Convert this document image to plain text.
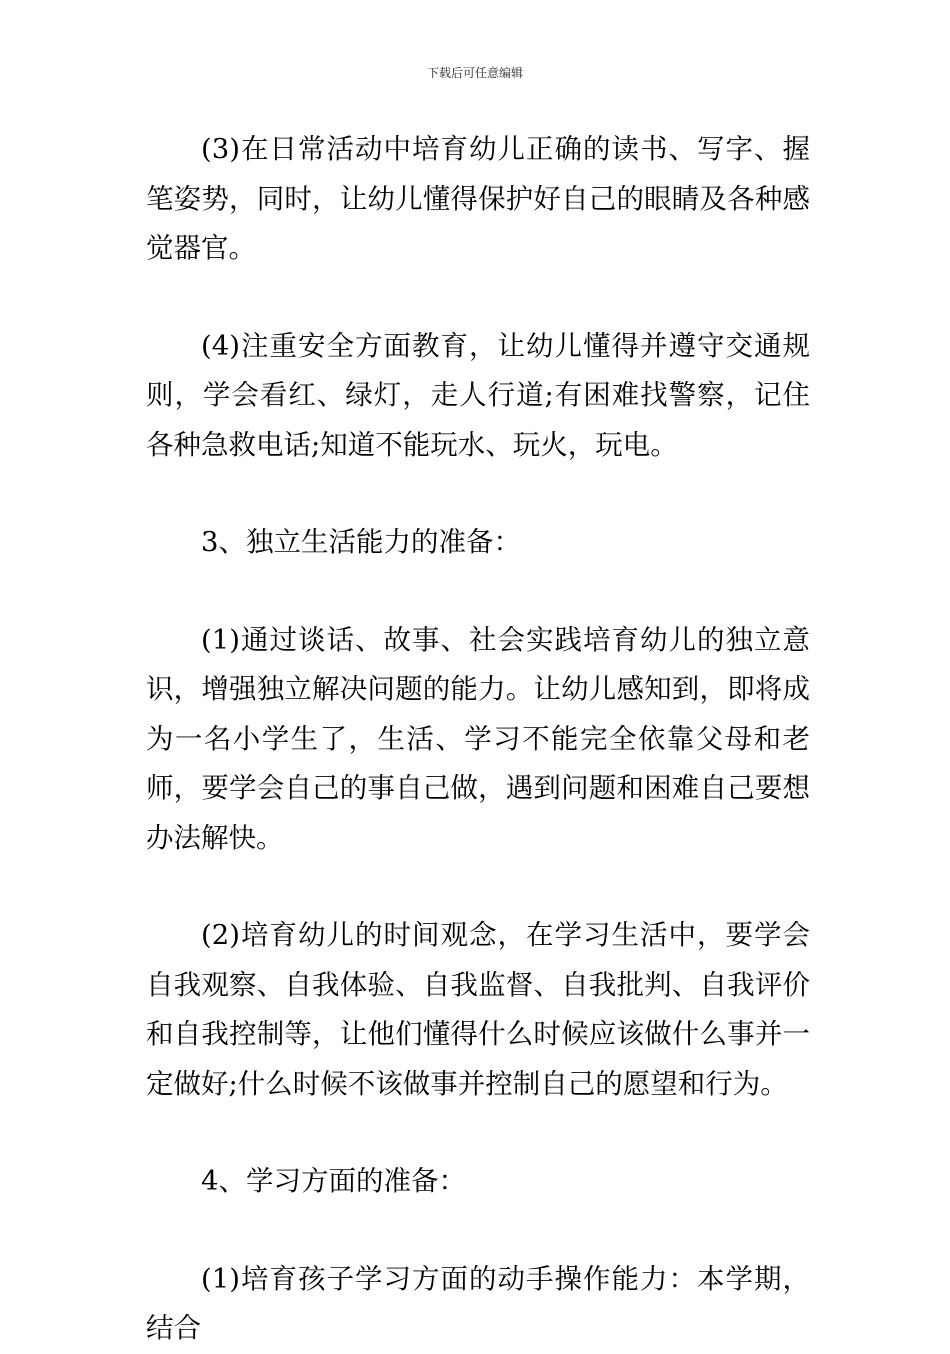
下载后可任意编辑

(3)在日常活动中培育幼儿正确的读书、写字、握笔姿势，同时，让幼儿懂得保护好自己的眼睛及各种感觉器官。

(4)注重安全方面教育，让幼儿懂得并遵守交通规则，学会看红、绿灯，走人行道;有困难找警察，记住各种急救电话;知道不能玩水、玩火，玩电。

3、独立生活能力的准备：

(1)通过谈话、故事、社会实践培育幼儿的独立意识，增强独立解决问题的能力。让幼儿感知到，即将成为一名小学生了，生活、学习不能完全依靠父母和老师，要学会自己的事自己做，遇到问题和困难自己要想办法解快。

(2)培育幼儿的时间观念，在学习生活中，要学会自我观察、自我体验、自我监督、自我批判、自我评价和自我控制等，让他们懂得什么时候应该做什么事并一定做好;什么时候不该做事并控制自己的愿望和行为。

4、学习方面的准备：

(1)培育孩子学习方面的动手操作能力：本学期，结合
